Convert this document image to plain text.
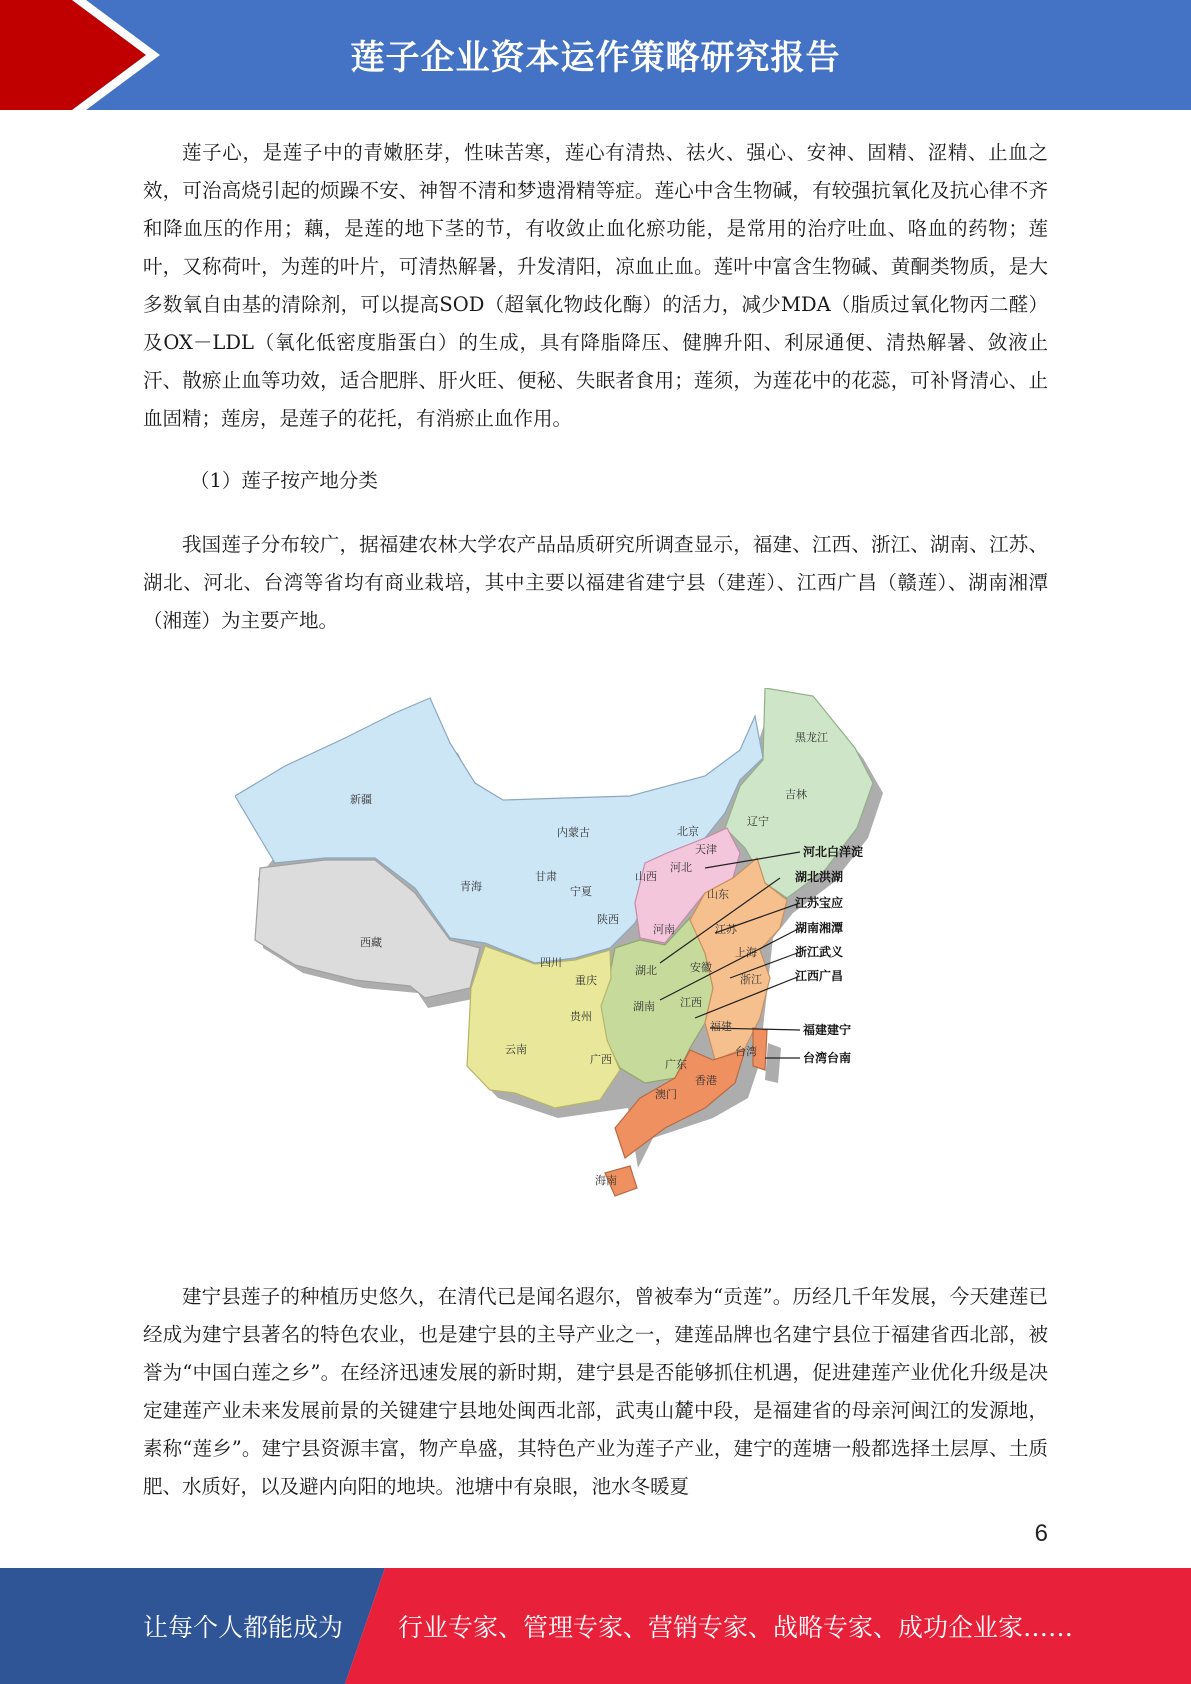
莲子企业资本运作策略研究报告
莲子心，是莲子中的青嫩胚芽，性味苦寒，莲心有清热、祛火、强心、安神、固精、涩精、止血之效，可治高烧引起的烦躁不安、神智不清和梦遗滑精等症。莲心中含生物碱，有较强抗氧化及抗心律不齐和降血压的作用；藕，是莲的地下茎的节，有收敛止血化瘀功能，是常用的治疗吐血、咯血的药物；莲叶，又称荷叶，为莲的叶片，可清热解暑，升发清阳，凉血止血。莲叶中富含生物碱、黄酮类物质，是大多数氧自由基的清除剂，可以提高SOD（超氧化物歧化酶）的活力，减少MDA（脂质过氧化物丙二醛）及OX－LDL（氧化低密度脂蛋白）的生成，具有降脂降压、健脾升阳、利尿通便、清热解暑、敛液止汗、散瘀止血等功效，适合肥胖、肝火旺、便秘、失眠者食用；莲须，为莲花中的花蕊，可补肾清心、止血固精；莲房，是莲子的花托，有消瘀止血作用。
（1）莲子按产地分类
我国莲子分布较广，据福建农林大学农产品品质研究所调查显示，福建、江西、浙江、湖南、江苏、湖北、河北、台湾等省均有商业栽培，其中主要以福建省建宁县（建莲）、江西广昌（赣莲）、湖南湘潭（湘莲）为主要产地。
新疆
西藏
青海
内蒙古
甘肃
宁夏
陕西
四川
重庆
贵州
云南
广西	广东
海南
香港
澳门
台湾
福建
江西
浙江
上海
江苏
安徽
湖北
湖南
河南
山东
山西
河北
北京
天津
辽宁
吉林
黑龙江
河北白洋淀
湖北洪湖
江苏宝应
湖南湘潭
浙江武义
江西广昌
福建建宁
台湾台南
建宁县莲子的种植历史悠久，在清代已是闻名遐尔，曾被奉为“贡莲”。历经几千年发展，今天建莲已经成为建宁县著名的特色农业，也是建宁县的主导产业之一，建莲品牌也名建宁县位于福建省西北部，被誉为“中国白莲之乡”。在经济迅速发展的新时期，建宁县是否能够抓住机遇，促进建莲产业优化升级是决定建莲产业未来发展前景的关键建宁县地处闽西北部，武夷山麓中段，是福建省的母亲河闽江的发源地，素称“莲乡”。建宁县资源丰富，物产阜盛，其特色产业为莲子产业，建宁的莲塘一般都选择土层厚、土质肥、水质好，以及避内向阳的地块。池塘中有泉眼，池水冬暖夏
6
让每个人都能成为 行业专家、管理专家、营销专家、战略专家、成功企业家……
